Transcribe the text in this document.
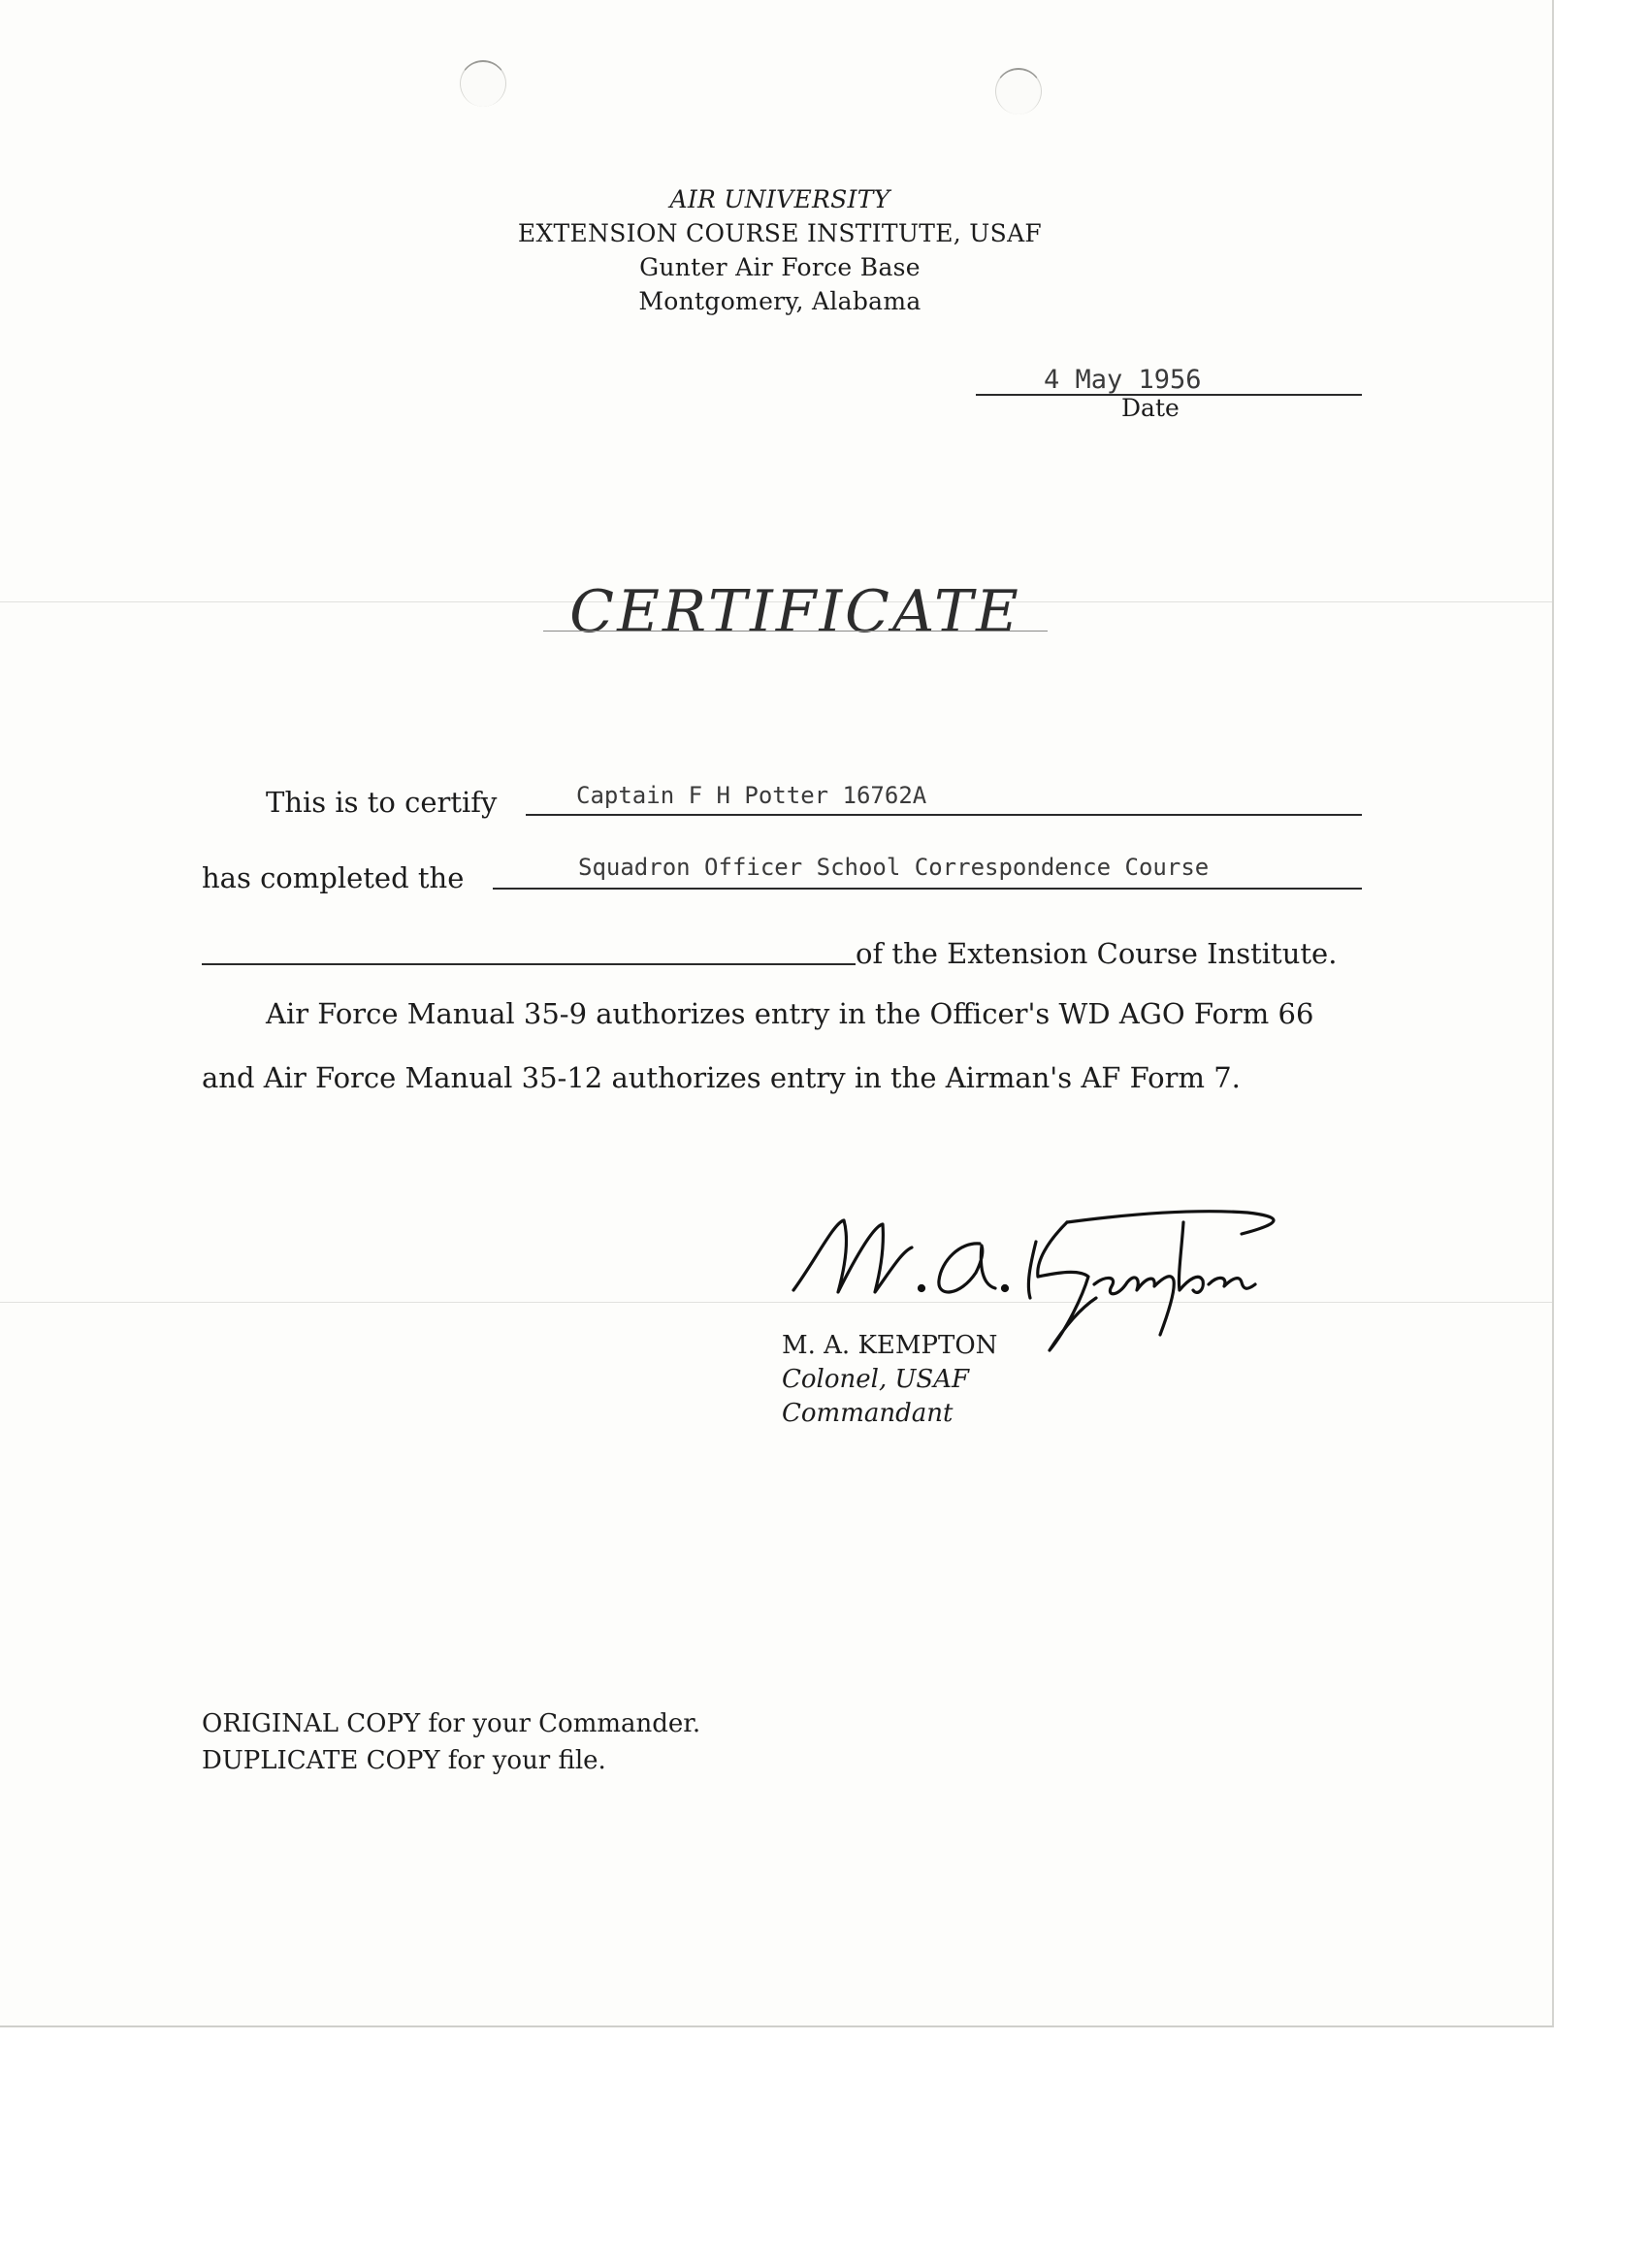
AIR UNIVERSITY
EXTENSION COURSE INSTITUTE, USAF
Gunter Air Force Base
Montgomery, Alabama
4 May 1956
Date
CERTIFICATE
This is to certify	Captain F H Potter 16762A
has completed the	Squadron Officer School Correspondence Course
of the Extension Course Institute.
Air Force Manual 35-9 authorizes entry in the Officer's WD AGO Form 66
and Air Force Manual 35-12 authorizes entry in the Airman's AF Form 7.
M. A. KEMPTON
Colonel, USAF
Commandant
ORIGINAL COPY for your Commander.
DUPLICATE COPY for your file.
